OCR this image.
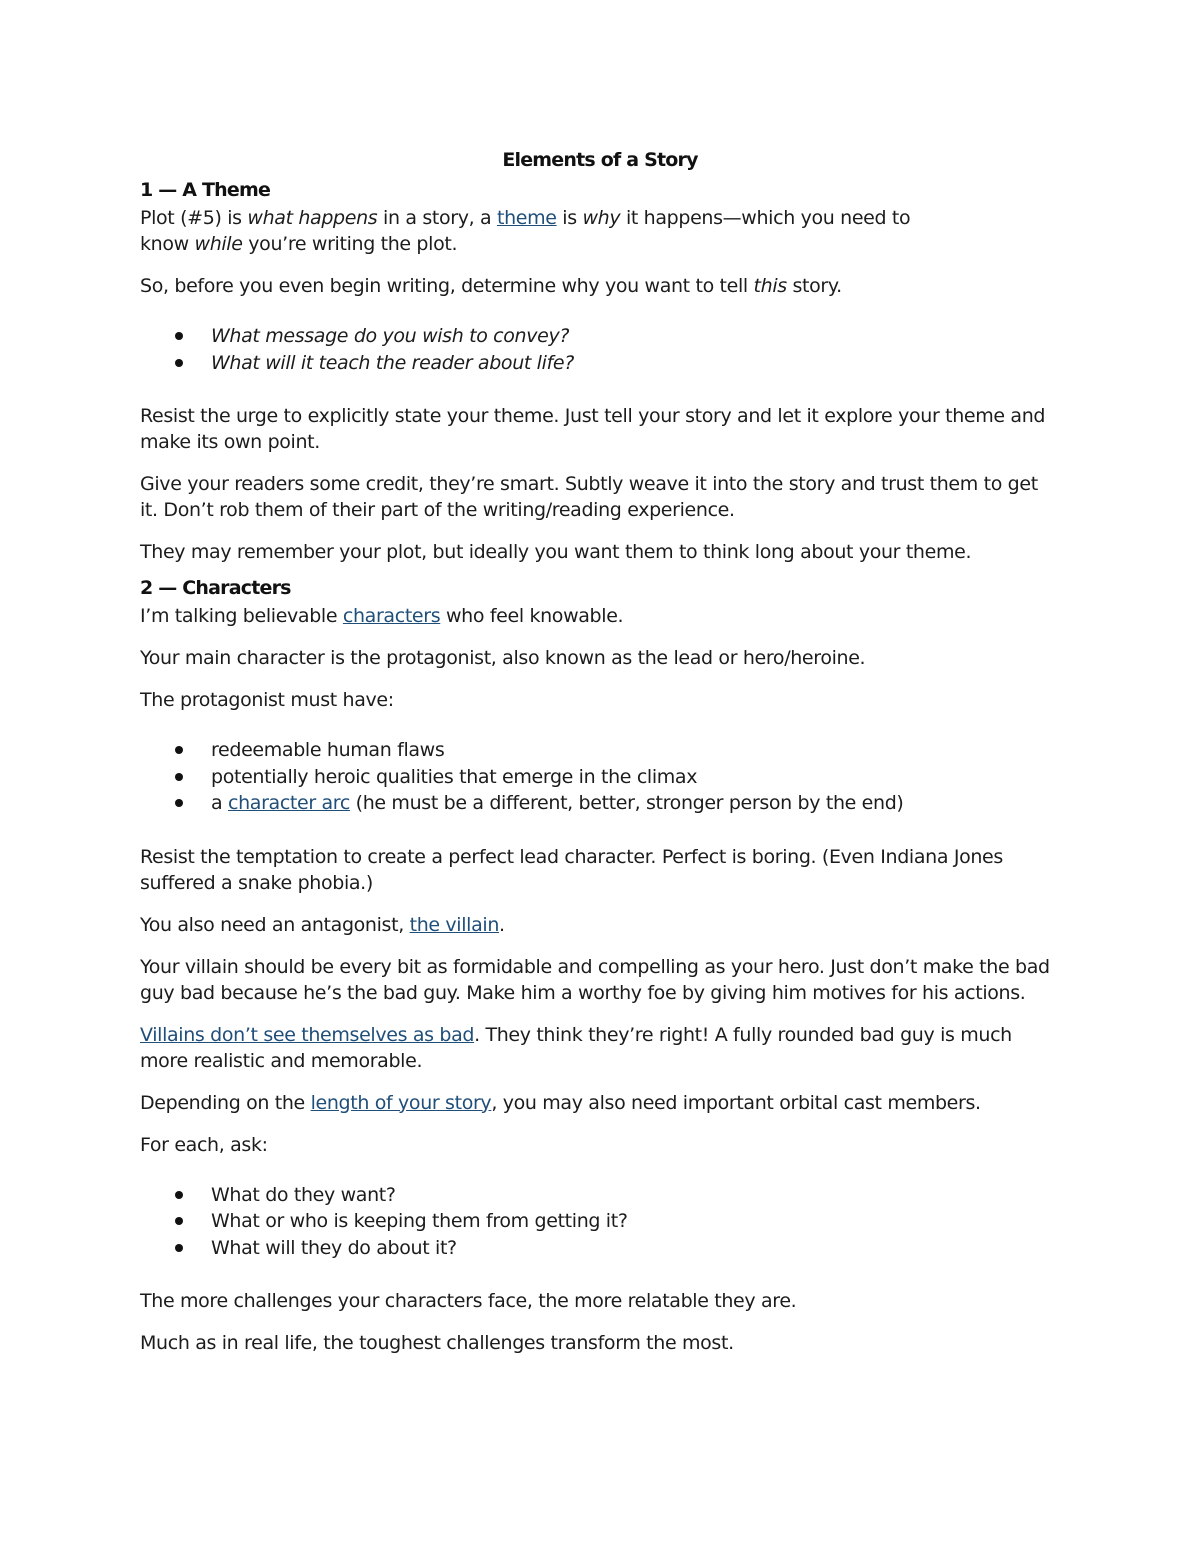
Elements of a Story
1 — A Theme

Plot (#5) is what happens in a story, a theme is why it happens—which you need to
know while you’re writing the plot.

So, before you even begin writing, determine why you want to tell this story.

What message do you wish to convey?
What will it teach the reader about life?

Resist the urge to explicitly state your theme. Just tell your story and let it explore your theme and make its own point.

Give your readers some credit, they’re smart. Subtly weave it into the story and trust them to get it. Don’t rob them of their part of the writing/reading experience.

They may remember your plot, but ideally you want them to think long about your theme.

2 — Characters

I’m talking believable characters who feel knowable.

Your main character is the protagonist, also known as the lead or hero/heroine.

The protagonist must have:

redeemable human flaws
potentially heroic qualities that emerge in the climax
a character arc (he must be a different, better, stronger person by the end)

Resist the temptation to create a perfect lead character. Perfect is boring. (Even Indiana Jones suffered a snake phobia.)

You also need an antagonist, the villain.

Your villain should be every bit as formidable and compelling as your hero. Just don’t make the bad guy bad because he’s the bad guy. Make him a worthy foe by giving him motives for his actions.

Villains don’t see themselves as bad. They think they’re right! A fully rounded bad guy is much more realistic and memorable.

Depending on the length of your story, you may also need important orbital cast members.

For each, ask:

What do they want?
What or who is keeping them from getting it?
What will they do about it?

The more challenges your characters face, the more relatable they are.

Much as in real life, the toughest challenges transform the most.
